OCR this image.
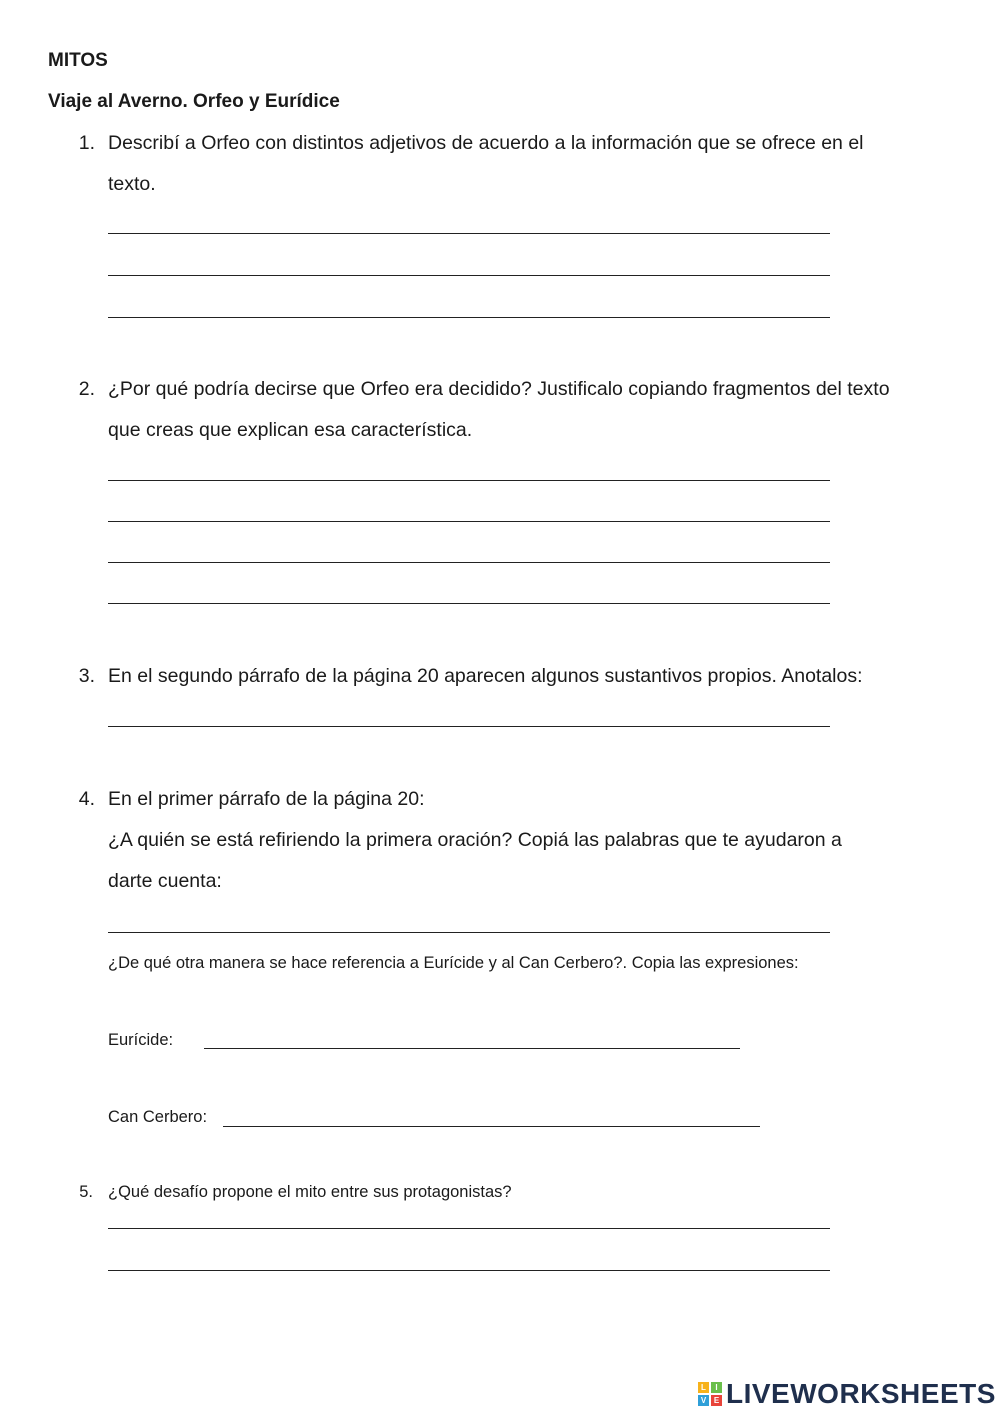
MITOS
Viaje al Averno. Orfeo y Eurídice
1. Describí a Orfeo con distintos adjetivos de acuerdo a la información que se ofrece en el
texto.
2. ¿Por qué podría decirse que Orfeo era decidido? Justificalo copiando fragmentos del texto
que creas que explican esa característica.
3. En el segundo párrafo de la página 20 aparecen algunos sustantivos propios. Anotalos:
4. En el primer párrafo de la página 20:
¿A quién se está refiriendo la primera oración? Copiá las palabras que te ayudaron a
darte cuenta:
¿De qué otra manera se hace referencia a Eurícide y al Can Cerbero?. Copia las expresiones:
Eurícide:
Can Cerbero:
5. ¿Qué desafío propone el mito entre sus protagonistas?
L	I
V E LIVEWORKSHEETS
